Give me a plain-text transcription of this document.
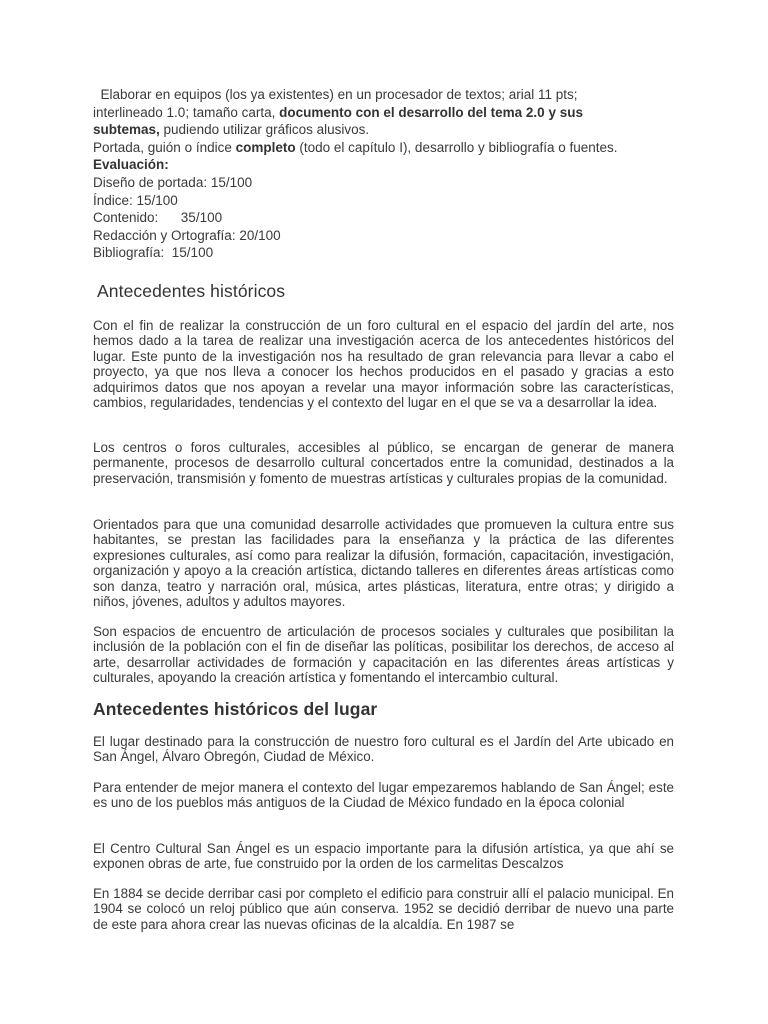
Elaborar en equipos (los ya existentes) en un procesador de textos; arial 11 pts;
interlineado 1.0; tamaño carta, documento con el desarrollo del tema 2.0 y sus
subtemas, pudiendo utilizar gráficos alusivos.
Portada, guión o índice completo (todo el capítulo I), desarrollo y bibliografía o fuentes.
Evaluación:
Diseño de portada: 15/100
Índice: 15/100
Contenido:      35/100
Redacción y Ortografía: 20/100
Bibliografía:  15/100
Antecedentes históricos

Con el fin de realizar la construcción de un foro cultural en el espacio del jardín del arte, nos hemos dado a la tarea de realizar una investigación acerca de los antecedentes históricos del lugar. Este punto de la investigación nos ha resultado de gran relevancia para llevar a cabo el proyecto, ya que nos lleva a conocer los hechos producidos en el pasado y gracias a esto adquirimos datos que nos apoyan a revelar una mayor información sobre las características, cambios, regularidades, tendencias y el contexto del lugar en el que se va a desarrollar la idea.

Los centros o foros culturales, accesibles al público, se encargan de generar de manera permanente, procesos de desarrollo cultural concertados entre la comunidad, destinados a la preservación, transmisión y fomento de muestras artísticas y culturales propias de la comunidad.

Orientados para que una comunidad desarrolle actividades que promueven la cultura entre sus habitantes, se prestan las facilidades para la enseñanza y la práctica de las diferentes expresiones culturales, así como para realizar la difusión, formación, capacitación, investigación, organización y apoyo a la creación artística, dictando talleres en diferentes áreas artísticas como son danza, teatro y narración oral, música, artes plásticas, literatura, entre otras; y dirigido a niños, jóvenes, adultos y adultos mayores.

Son espacios de encuentro de articulación de procesos sociales y culturales que posibilitan la inclusión de la población con el fin de diseñar las políticas, posibilitar los derechos, de acceso al arte, desarrollar actividades de formación y capacitación en las diferentes áreas artísticas y culturales, apoyando la creación artística y fomentando el intercambio cultural.

Antecedentes históricos del lugar

El lugar destinado para la construcción de nuestro foro cultural es el Jardín del Arte ubicado en San Ángel, Álvaro Obregón, Ciudad de México.

Para entender de mejor manera el contexto del lugar empezaremos hablando de San Ángel; este es uno de los pueblos más antiguos de la Ciudad de México fundado en la época colonial

El Centro Cultural San Ángel es un espacio importante para la difusión artística, ya que ahí se exponen obras de arte, fue construido por la orden de los carmelitas Descalzos

En 1884 se decide derribar casi por completo el edificio para construir allí el palacio municipal. En 1904 se colocó un reloj público que aún conserva. 1952 se decidió derribar de nuevo una parte de este para ahora crear las nuevas oficinas de la alcaldía. En 1987 se
